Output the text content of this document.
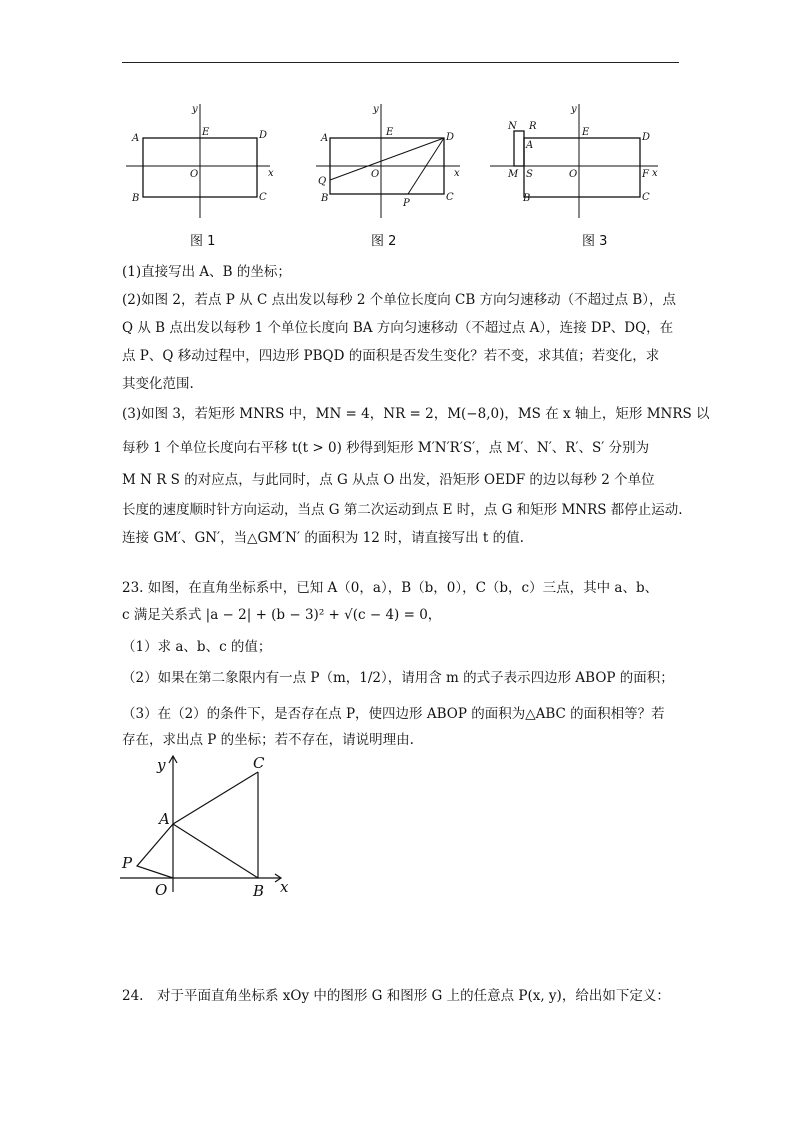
A
B	C
D
E
O	x
y
A
B	C
D
E
O	x
y
Q
P
N R
A
M S
B	C
D
E
O	F x
y
图 1	图 2	图 3
(1)直接写出 A、B 的坐标；
(2)如图 2，若点 P 从 C 点出发以每秒 2 个单位长度向 CB 方向匀速移动（不超过点 B），点
Q 从 B 点出发以每秒 1 个单位长度向 BA 方向匀速移动（不超过点 A），连接 DP、DQ，在
点 P、Q 移动过程中，四边形 PBQD 的面积是否发生变化？若不变，求其值；若变化，求
其变化范围.
(3)如图 3，若矩形 MNRS 中，MN = 4，NR = 2，M(−8,0)，MS 在 x 轴上，矩形 MNRS 以
每秒 1 个单位长度向右平移 t(t > 0) 秒得到矩形 M′N′R′S′，点 M′、N′、R′、S′ 分别为
M N R S 的对应点，与此同时，点 G 从点 O 出发，沿矩形 OEDF 的边以每秒 2 个单位
长度的速度顺时针方向运动，当点 G 第二次运动到点 E 时，点 G 和矩形 MNRS 都停止运动.
连接 GM′、GN′，当△GM′N′ 的面积为 12 时，请直接写出 t 的值.
23. 如图，在直角坐标系中，已知 A（0，a），B（b，0），C（b，c）三点，其中 a、b、
c 满足关系式 |a − 2| + (b − 3)² + √(c − 4) = 0，
（1）求 a、b、c 的值；
（2）如果在第二象限内有一点 P（m，1/2），请用含 m 的式子表示四边形 ABOP 的面积；
（3）在（2）的条件下，是否存在点 P，使四边形 ABOP 的面积为△ABC 的面积相等？若
存在，求出点 P 的坐标；若不存在，请说明理由.
y	C
A
P
O	B x
24.　对于平面直角坐标系 xOy 中的图形 G 和图形 G 上的任意点 P(x, y)，给出如下定义：
